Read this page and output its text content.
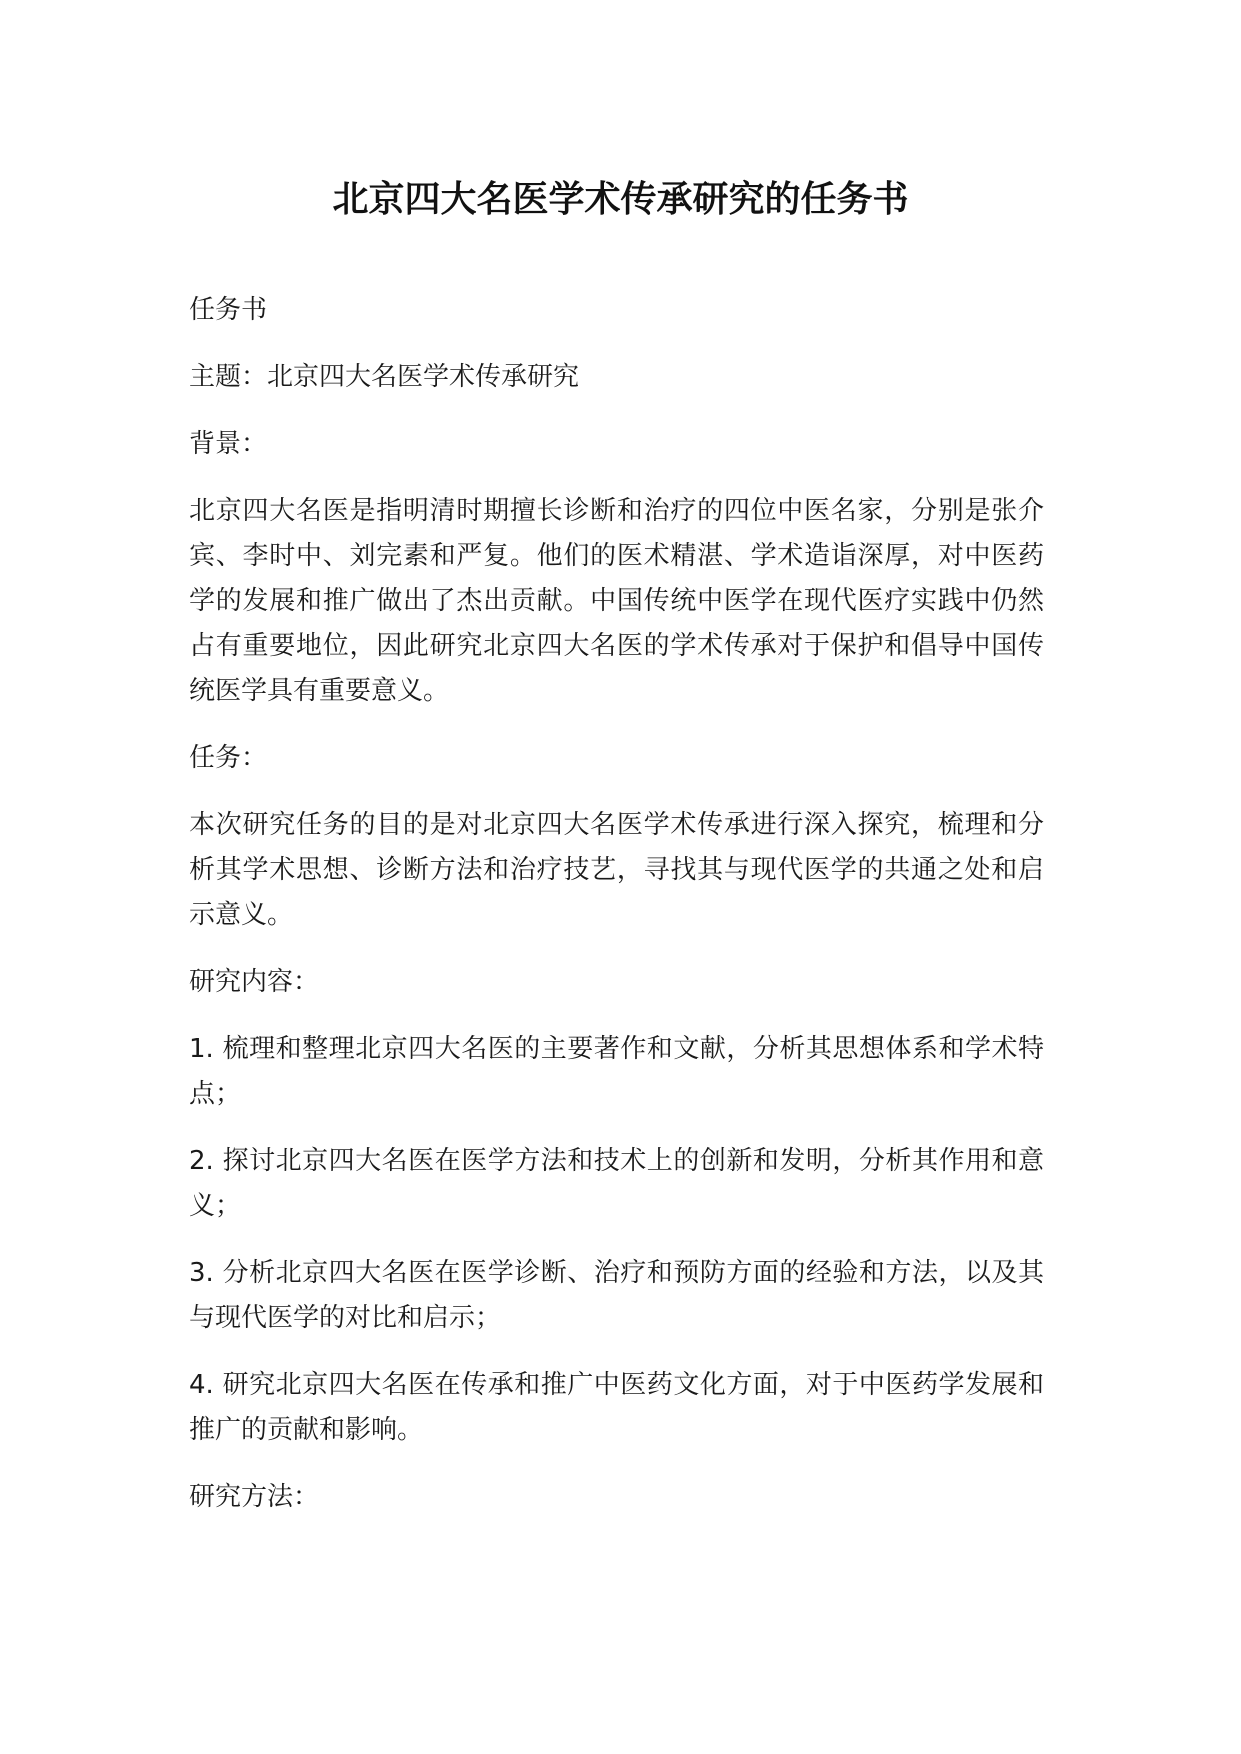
北京四大名医学术传承研究的任务书

任务书

主题：北京四大名医学术传承研究

背景：

北京四大名医是指明清时期擅长诊断和治疗的四位中医名家，分别是张介宾、李时中、刘完素和严复。他们的医术精湛、学术造诣深厚，对中医药学的发展和推广做出了杰出贡献。中国传统中医学在现代医疗实践中仍然占有重要地位，因此研究北京四大名医的学术传承对于保护和倡导中国传统医学具有重要意义。

任务：

本次研究任务的目的是对北京四大名医学术传承进行深入探究，梳理和分析其学术思想、诊断方法和治疗技艺，寻找其与现代医学的共通之处和启示意义。

研究内容：

1. 梳理和整理北京四大名医的主要著作和文献，分析其思想体系和学术特点；

2. 探讨北京四大名医在医学方法和技术上的创新和发明，分析其作用和意义；

3. 分析北京四大名医在医学诊断、治疗和预防方面的经验和方法，以及其与现代医学的对比和启示；

4. 研究北京四大名医在传承和推广中医药文化方面，对于中医药学发展和推广的贡献和影响。

研究方法：
